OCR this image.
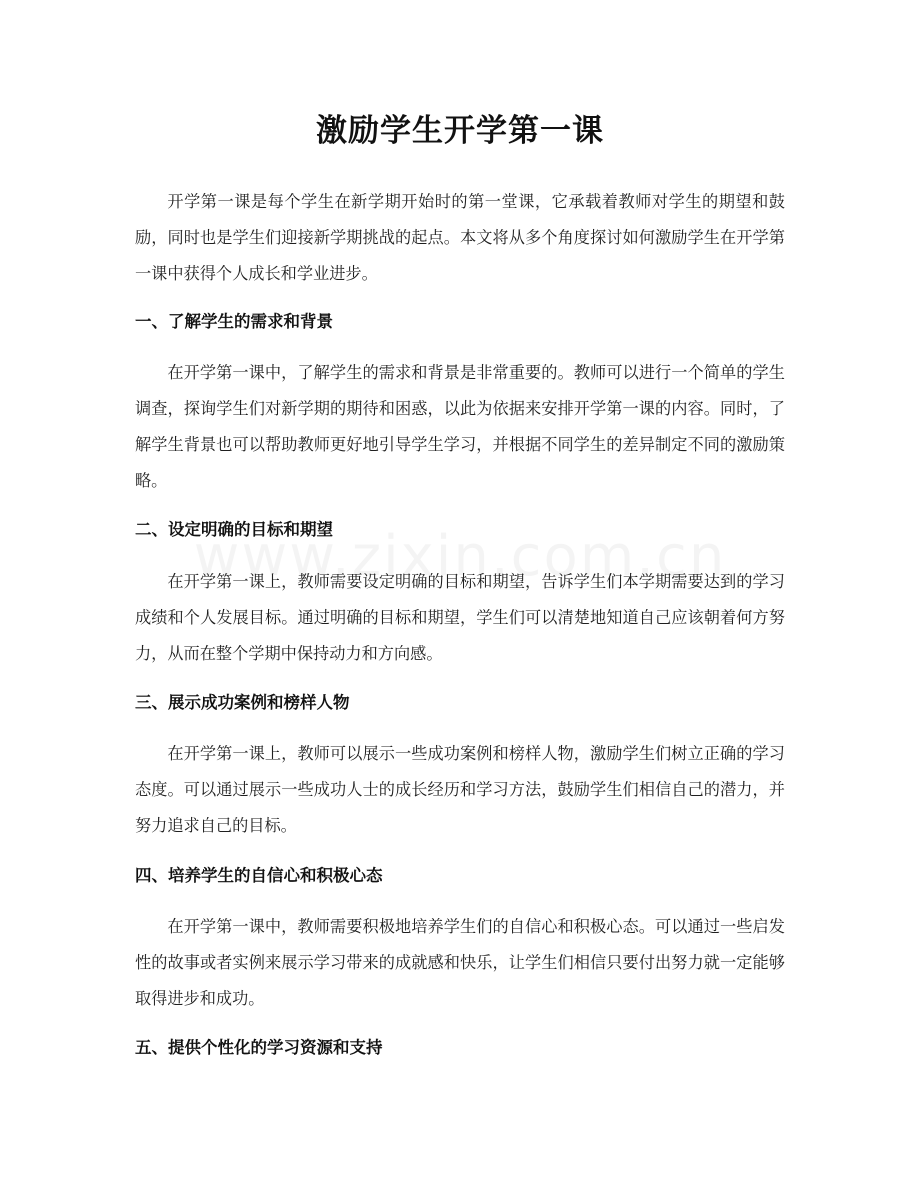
激励学生开学第一课

开学第一课是每个学生在新学期开始时的第一堂课，它承载着教师对学生的期望和鼓励，同时也是学生们迎接新学期挑战的起点。本文将从多个角度探讨如何激励学生在开学第一课中获得个人成长和学业进步。

一、了解学生的需求和背景

在开学第一课中，了解学生的需求和背景是非常重要的。教师可以进行一个简单的学生调查，探询学生们对新学期的期待和困惑，以此为依据来安排开学第一课的内容。同时，了解学生背景也可以帮助教师更好地引导学生学习，并根据不同学生的差异制定不同的激励策略。

二、设定明确的目标和期望

在开学第一课上，教师需要设定明确的目标和期望，告诉学生们本学期需要达到的学习成绩和个人发展目标。通过明确的目标和期望，学生们可以清楚地知道自己应该朝着何方努力，从而在整个学期中保持动力和方向感。

三、展示成功案例和榜样人物

在开学第一课上，教师可以展示一些成功案例和榜样人物，激励学生们树立正确的学习态度。可以通过展示一些成功人士的成长经历和学习方法，鼓励学生们相信自己的潜力，并努力追求自己的目标。

四、培养学生的自信心和积极心态

在开学第一课中，教师需要积极地培养学生们的自信心和积极心态。可以通过一些启发性的故事或者实例来展示学习带来的成就感和快乐，让学生们相信只要付出努力就一定能够取得进步和成功。

五、提供个性化的学习资源和支持
